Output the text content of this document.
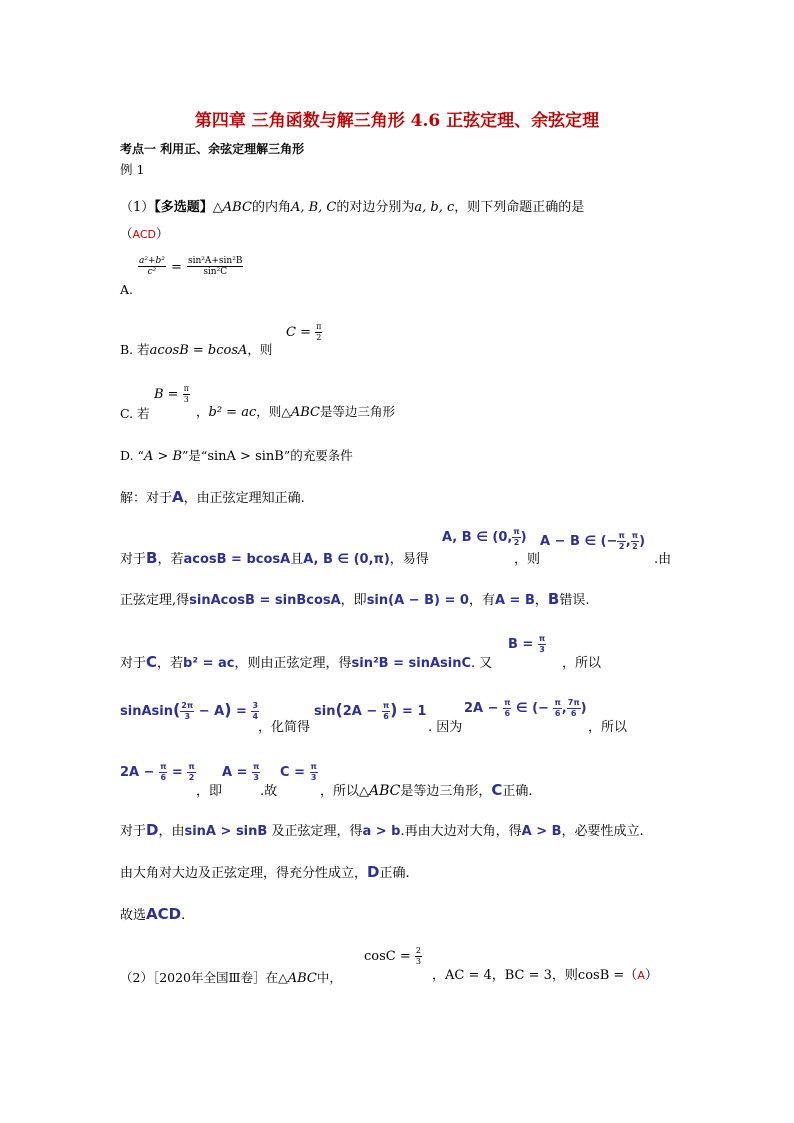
第四章 三角函数与解三角形 4.6 正弦定理、余弦定理
考点一 利用正、余弦定理解三角形
例 1
（1）【多选题】△ABC的内角A, B, C的对边分别为a, b, c，则下列命题正确的是
（ACD）
A.
$\frac{\text{a²+b²}}{\text{c²}} = \frac{\text{sin²A+sin²B}}{\text{sin²C}}$
B. 若acosB = bcosA，则
$C = \frac{\pi}{2}$
C. 若
$B = \frac{\pi}{3}$
，b² = ac，则△ABC是等边三角形
D. “A > B”是“sinA > sinB”的充要条件
解：对于A，由正弦定理知正确.
对于B，若acosB = bcosA且A, B ∈ (0,π)，易得
A, B ∈ (0, $\frac{\pi}{2}$ )
，则
A − B ∈ (− $\frac{\pi}{2}$ , $\frac{\pi}{2}$ )
.由
正弦定理,得sinAcosB = sinBcosA，即sin(A − B) = 0，有A = B，B错误.
对于C，若b² = ac，则由正弦定理，得sin²B = sinAsinC. 又
$B = \frac{\pi}{3}$
，所以
sinAsin( $\frac{2\pi}{3} - A) = \frac{3}{4}$
，化简得
$\sin(2A - \frac{\pi}{6}$ ) = 1
. 因为
$2A - \frac{\pi}{6}$ ∈ (− $\frac{\pi}{6}$ , $\frac{7\pi}{6}$ )
，所以
$2A - \frac{\pi}{6} = \frac{\pi}{2}$
，即
$A = \frac{\pi}{3}$
.故
$C = \frac{\pi}{3}$
，所以△ABC是等边三角形，C正确.
对于D，由sinA > sinB 及正弦定理，得a > b.再由大边对大角，得A > B，必要性成立.
由大角对大边及正弦定理，得充分性成立，D正确.
故选ACD.
（2）［2020年全国Ⅲ卷］在△ABC中，
$\cos C = \frac{2}{3}$
，AC = 4，BC = 3，则cosB =（A）
